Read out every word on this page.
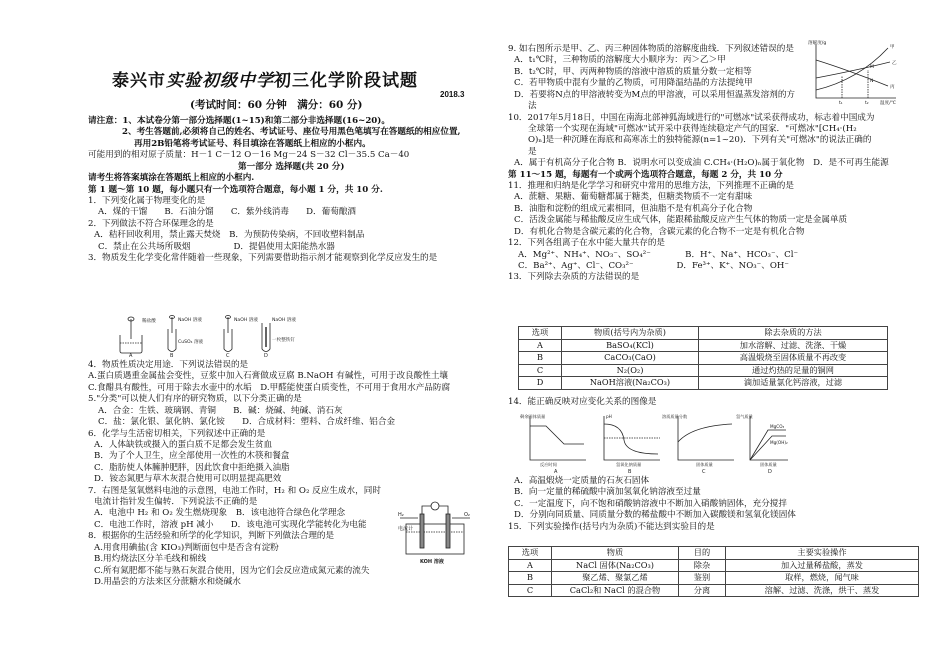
泰兴市实验初级中学初三化学阶段试题
2018.3
(考试时间：60 分钟　满分：60 分)

请注意：1、本试卷分第一部分选择题(1~15)和第二部分非选择题(16~20)。

2、考生答题前,必须将自己的姓名、考试证号、座位号用黑色笔填写在答题纸的相应位置,

再用2B铅笔将考试证号、科目填涂在答题纸上相应的小框内。

可能用到的相对原子质量：H－1 C－12 O－16 Mg－24 S－32 Cl－35.5 Ca－40

第一部分 选择题(共 20 分)

请考生将答案填涂在答题纸上相应的小框内.

第 1 题～第 10 题，每小题只有一个选项符合题意，每小题 1 分，共 10 分.

1．下列变化属于物理变化的是

A．煤的干馏　　B．石油分馏　　C．紫外线消毒　　D．葡萄酿酒

2．下列做法不符合环保理念的是

A．秸秆回收利用，禁止露天焚烧　B．为预防传染病，不回收塑料制品

C．禁止在公共场所吸烟　　　　　D．提倡使用太阳能热水器

3．物质发生化学变化常伴随着一些现象，下列需要借助指示剂才能观察到化学反应发生的是

稀盐酸	NaOH 溶液	NaOH 溶液
CuSO₄ 溶液
NaOH 溶液
一枚整铁钉
A	B	C	D

4．物质性质决定用途．下列说法错误的是

A.蛋白质遇重金属盐会变性，豆浆中加入石膏做成豆腐 B.NaOH 有碱性，可用于改良酸性土壤

C.食醋具有酸性，可用于除去水壶中的水垢　D.甲醛能使蛋白质变性，不可用于食用水产品防腐

5."分类"可以使人们有序的研究物质，以下分类正确的是

A．合金：生铁、玻璃钢、青铜　　B．碱：烧碱、纯碱、消石灰

C．盐：氯化银、氯化钠、氯化铵　　D．合成材料：塑料、合成纤维、铝合金

6．化学与生活密切相关，下列叙述中正确的是

A．人体缺铁或摄入的蛋白质不足都会发生贫血

B．为了个人卫生，应全部使用一次性的木筷和餐盒

C．脂肪使人体臃肿肥胖，因此饮食中拒绝摄入油脂

D．铵态氮肥与草木灰混合使用可以明显提高肥效

7．右图是氢氧燃料电池的示意图，电池工作时，H₂ 和 O₂ 反应生成水，同时

电流计指针发生偏转．下列说法不正确的是

A．电池中 H₂ 和 O₂ 发生燃烧现象　B．该电池符合绿色化学理念

C．电池工作时，溶液 pH 减小　　D．该电池可实现化学能转化为电能

8．根据你的生活经验和所学的化学知识，判断下列做法合理的是

A.用食用碘盐(含 KIO₃)判断面包中是否含有淀粉

B.用灼烧法区分羊毛线和棉线

C.所有氮肥都不能与熟石灰混合使用，因为它们会反应造成氮元素的流失

D.用晶尝的方法来区分蔗糖水和烧碱水

H₂	O₂
电流计
KOH 溶液

9. 如右图所示是甲、乙、丙三种固体物质的溶解度曲线．下列叙述错误的是

A．t₁℃时，三种物质的溶解度大小顺序为：丙＞乙＞甲

B．t₂℃时，甲、丙两种物质的溶液中溶质的质量分数一定相等

C．若甲物质中混有少量的乙物质，可用降温结晶的方法提纯甲

D．若要将N点的甲溶液转变为M点的甲溶液，可以采用恒温蒸发溶剂的方

法

10．2017年5月18日，中国在南海北部神狐海域进行的"可燃冰"试采获得成功，标志着中国成为

全球第一个实现在海域"可燃冰"试开采中获得连续稳定产气的国家．"可燃冰"[CH₄·(H₂

O)ₙ]是一种沉睡在海底和高寒冻土的独特能源(n=1~20)．下列有关"可燃冰"的说法正确的

是

A．属于有机高分子化合物 B．说明水可以变成油 C.CH₄·(H₂O)ₙ属于氧化物　D．是不可再生能源

第 11～15 题，每题有一个或两个选项符合题意，每题 2 分，共 10 分

11．推理和归纳是化学学习和研究中常用的思维方法，下列推理不正确的是

A．蔗糖、果糖、葡萄糖都属于糖类，但糖类物质不一定有甜味

B．油脂和淀粉的组成元素相同，但油脂不是有机高分子化合物

C．活泼金属能与稀盐酸反应生成气体，能跟稀盐酸反应产生气体的物质一定是金属单质

D．有机化合物是含碳元素的化合物，含碳元素的化合物不一定是有机化合物

12．下列各组离子在水中能大量共存的是

A．Mg²⁺、NH₄⁺、NO₃⁻、SO₄²⁻　　　　B．H⁺、Na⁺、HCO₃⁻、Cl⁻

C．Ba²⁺、Ag⁺、Cl⁻、CO₃²⁻　　　　　D．Fe³⁺、K⁺、NO₃⁻、OH⁻

13．下列除去杂质的方法错误的是

溶解度/g
甲
乙
丙
M
N
t₁	t₂ 温度/℃
选项	物质(括号内为杂质)	除去杂质的方法
A	BaSO₄(KCl)	加水溶解、过滤、洗涤、干燥
B	CaCO₃(CaO)	高温煅烧至固体质量不再改变
C	N₂(O₂)	通过灼热的足量的铜网
D	NaOH溶液(Na₂CO₃)	滴加适量氯化钙溶液，过滤

14．能正确反映对应变化关系的图像是

剩余固体质量
反应时间
pH
氢氧化钠质量
溶质质量分数
固体质量
氢气质量
固体质量
MgCO₃
Mg(OH)₂
A	B	C	D

A．高温煅烧一定质量的石灰石固体

B．向一定量的稀硫酸中滴加氢氧化钠溶液至过量

C．一定温度下，向不饱和硝酸钠溶液中不断加入硝酸钠固体，充分搅拌

D．分别向同质量、同质量分数的稀盐酸中不断加入碳酸镁和氢氧化镁固体

15．下列实验操作(括号内为杂质)不能达到实验目的是

选项	物质	目的	主要实验操作
A	NaCl 固体(Na₂CO₃)	除杂	加入过量稀盐酸，蒸发
B	聚乙烯、聚氯乙烯	鉴别	取样，燃烧，闻气味
C	CaCl₂和 NaCl 的混合物	分离	溶解、过滤、洗涤，烘干、蒸发
